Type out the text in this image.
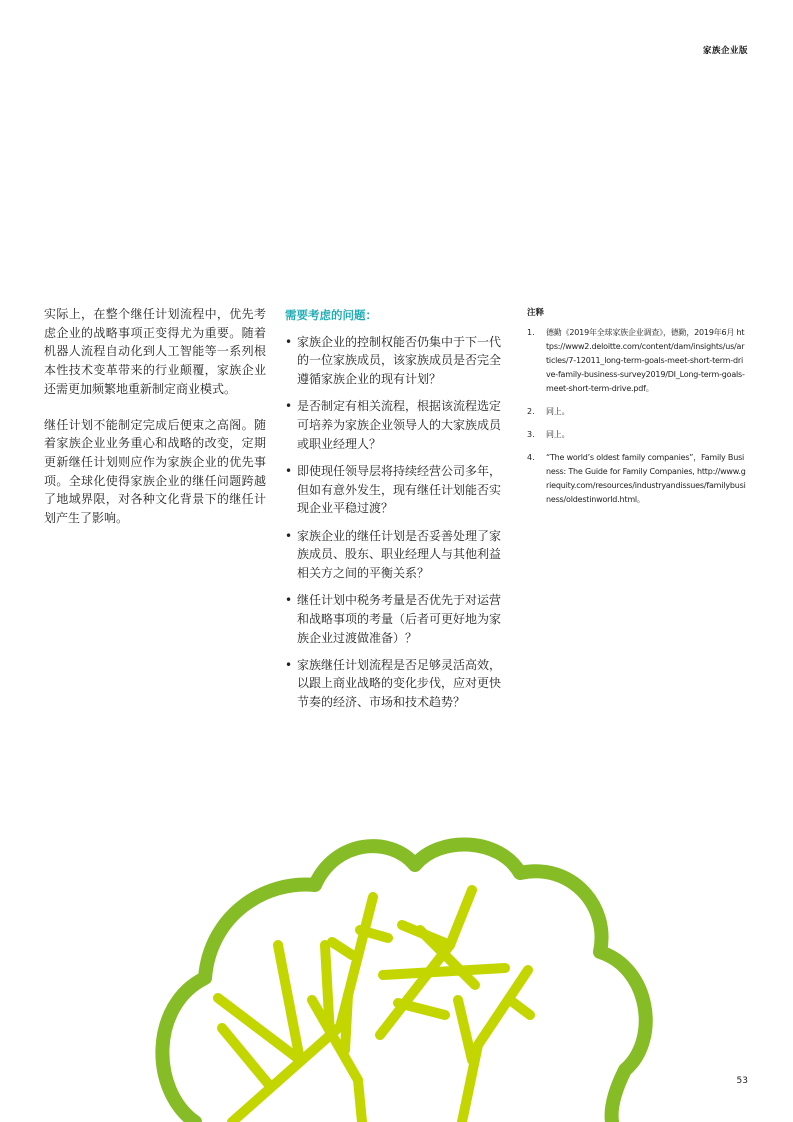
家族企业版

实际上，在整个继任计划流程中，优先考虑企业的战略事项正变得尤为重要。随着机器人流程自动化到人工智能等一系列根本性技术变革带来的行业颠覆，家族企业还需更加频繁地重新制定商业模式。

继任计划不能制定完成后便束之高阁。随着家族企业业务重心和战略的改变，定期更新继任计划则应作为家族企业的优先事项。全球化使得家族企业的继任问题跨越了地域界限，对各种文化背景下的继任计划产生了影响。

需要考虑的问题：
• 家族企业的控制权能否仍集中于下一代的一位家族成员，该家族成员是否完全遵循家族企业的现有计划？
• 是否制定有相关流程，根据该流程选定可培养为家族企业领导人的大家族成员或职业经理人？
• 即使现任领导层将持续经营公司多年，但如有意外发生，现有继任计划能否实现企业平稳过渡？
• 家族企业的继任计划是否妥善处理了家族成员、股东、职业经理人与其他利益相关方之间的平衡关系？
• 继任计划中税务考量是否优先于对运营和战略事项的考量（后者可更好地为家族企业过渡做准备）？
• 家族继任计划流程是否足够灵活高效，以跟上商业战略的变化步伐，应对更快节奏的经济、市场和技术趋势？
注释
1.	德勤《2019年全球家族企业调查》，德勤，2019年6月 https://www2.deloitte.com/content/dam/insights/us/articles/7-12011_long-term-goals-meet-short-term-drive-family-business-survey2019/DI_Long-term-goals-meet-short-term-drive.pdf。
2.	同上。
3.	同上。
4.	“The world’s oldest family companies”，Family Business: The Guide for Family Companies, http://www.griequity.com/resources/industryandissues/familybusiness/oldestinworld.html。
53
